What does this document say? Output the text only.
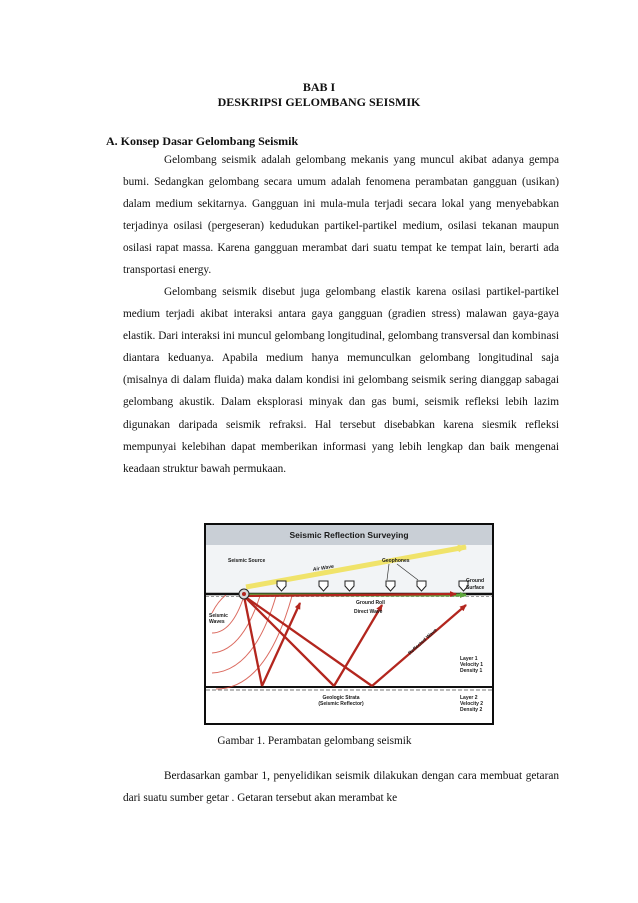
BAB I
DESKRIPSI GELOMBANG SEISMIK
A. Konsep Dasar Gelombang Seismik

Gelombang seismik adalah gelombang mekanis yang muncul akibat adanya gempa bumi. Sedangkan gelombang secara umum adalah fenomena perambatan gangguan (usikan) dalam medium sekitarnya. Gangguan ini mula-mula terjadi secara lokal yang menyebabkan terjadinya osilasi (pergeseran) kedudukan partikel-partikel medium, osilasi tekanan maupun osilasi rapat massa. Karena gangguan merambat dari suatu tempat ke tempat lain, berarti ada transportasi energy.

Gelombang seismik disebut juga gelombang elastik karena osilasi partikel-partikel medium terjadi akibat interaksi antara gaya gangguan (gradien stress) malawan gaya-gaya elastik. Dari interaksi ini muncul gelombang longitudinal, gelombang transversal dan kombinasi diantara keduanya. Apabila medium hanya memunculkan gelombang longitudinal saja (misalnya di dalam fluida) maka dalam kondisi ini gelombang seismik sering dianggap sabagai gelombang akustik. Dalam eksplorasi minyak dan gas bumi, seismik refleksi lebih lazim digunakan daripada seismik refraksi. Hal tersebut disebabkan karena siesmik refleksi mempunyai kelebihan dapat memberikan informasi yang lebih lengkap dan baik mengenai keadaan struktur bawah permukaan.

Seismic Reflection Surveying
Seismic Source
Air Wave
Geophones
Ground
Surface
Ground Roll
Direct Wave
Seismic
Waves
Reflected Wave
Layer 1
Velocity 1
Density 1
Layer 2
Velocity 2
Density 2
Geologic Strata
(Seismic Reflector)
Gambar 1. Perambatan gelombang seismik

Berdasarkan gambar 1, penyelidikan seismik dilakukan dengan cara membuat getaran dari suatu sumber getar . Getaran tersebut akan merambat ke
